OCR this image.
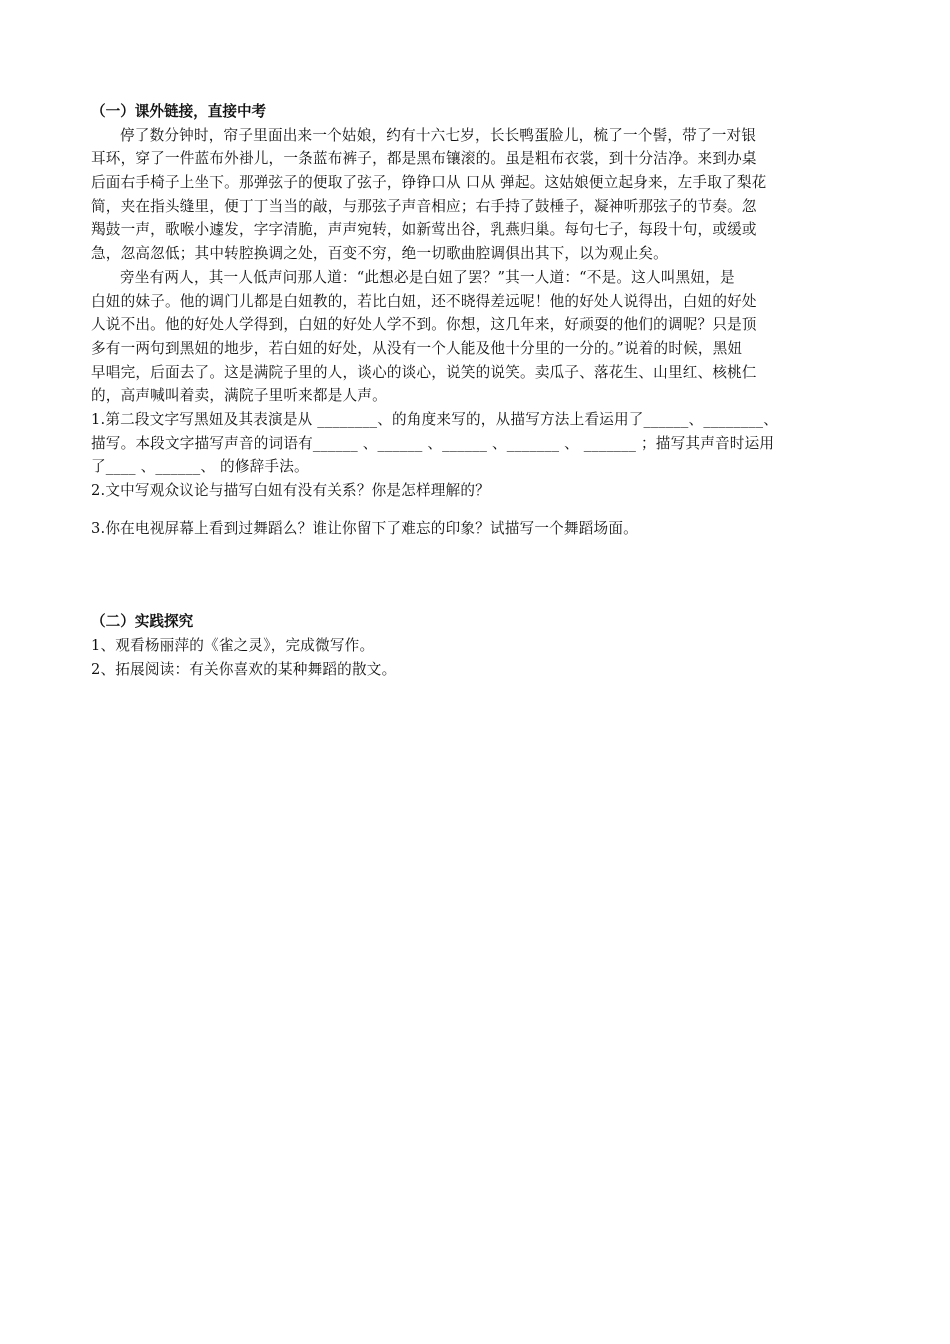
（一）课外链接，直接中考
停了数分钟时，帘子里面出来一个姑娘，约有十六七岁，长长鸭蛋脸儿，梳了一个髻，带了一对银
耳环，穿了一件蓝布外褂儿，一条蓝布裤子，都是黑布镶滚的。虽是粗布衣裳，到十分洁净。来到办桌
后面右手椅子上坐下。那弹弦子的便取了弦子，铮铮口从 口从 弹起。这姑娘便立起身来，左手取了梨花
简，夹在指头缝里，便丁丁当当的敲，与那弦子声音相应；右手持了鼓棰子，凝神听那弦子的节奏。忽
羯鼓一声，歌喉小遽发，字字清脆，声声宛转，如新莺出谷，乳燕归巢。每句七子，每段十句，或缓或
急，忽高忽低；其中转腔换调之处，百变不穷，绝一切歌曲腔调俱出其下，以为观止矣。
旁坐有两人，其一人低声问那人道：“此想必是白妞了罢？”其一人道：“不是。这人叫黑妞，是
白妞的妹子。他的调门儿都是白妞教的，若比白妞，还不晓得差远呢！他的好处人说得出，白妞的好处
人说不出。他的好处人学得到，白妞的好处人学不到。你想，这几年来，好顽耍的他们的调呢？只是顶
多有一两句到黑妞的地步，若白妞的好处，从没有一个人能及他十分里的一分的。”说着的时候，黑妞
早唱完，后面去了。这是满院子里的人，谈心的谈心，说笑的说笑。卖瓜子、落花生、山里红、核桃仁
的，高声喊叫着卖，满院子里听来都是人声。
1.第二段文字写黑妞及其表演是从 ________、的角度来写的，从描写方法上看运用了______、________、
描写。本段文字描写声音的词语有______ 、______ 、______ 、_______ 、 _______ ；描写其声音时运用
了____ 、______、 的修辞手法。
2.文中写观众议论与描写白妞有没有关系？你是怎样理解的？
3.你在电视屏幕上看到过舞蹈么？谁让你留下了难忘的印象？试描写一个舞蹈场面。
（二）实践探究
1、观看杨丽萍的《雀之灵》，完成微写作。
2、拓展阅读：有关你喜欢的某种舞蹈的散文。
